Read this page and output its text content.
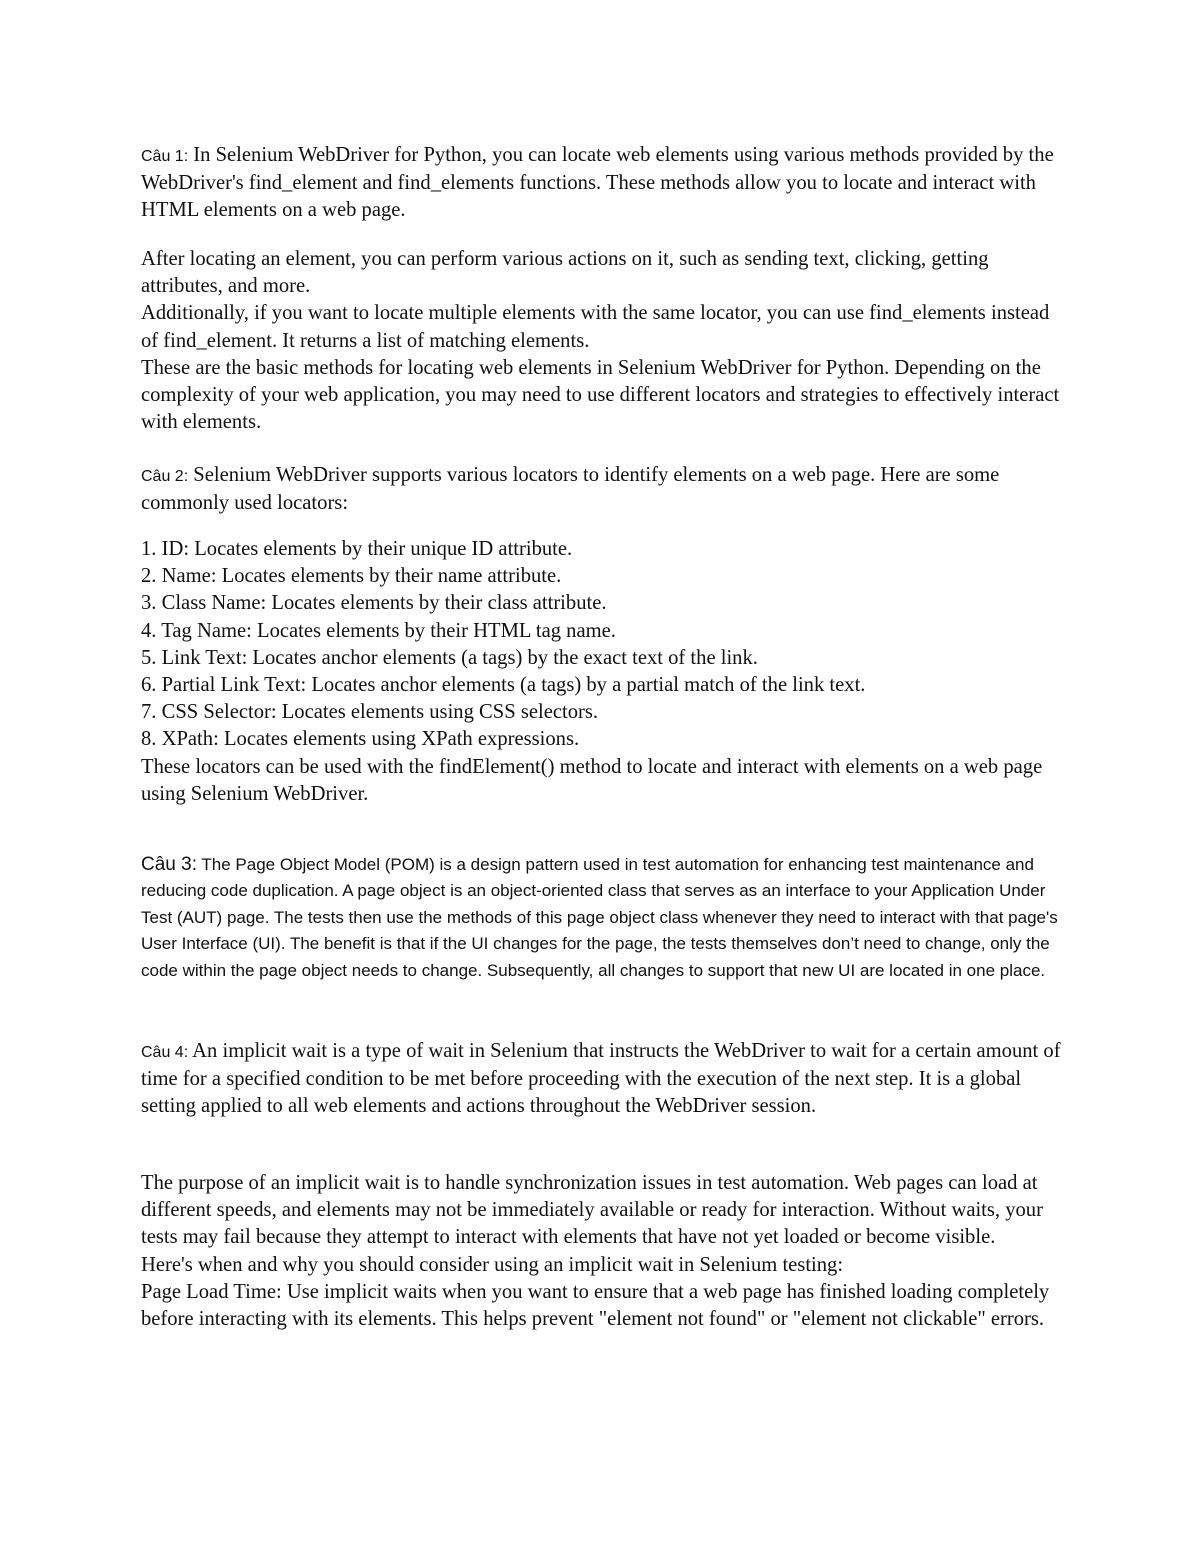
Câu 1: In Selenium WebDriver for Python, you can locate web elements using various methods provided by the WebDriver's find_element and find_elements functions. These methods allow you to locate and interact with HTML elements on a web page.

After locating an element, you can perform various actions on it, such as sending text, clicking, getting attributes, and more.

Additionally, if you want to locate multiple elements with the same locator, you can use find_elements instead of find_element. It returns a list of matching elements.

These are the basic methods for locating web elements in Selenium WebDriver for Python. Depending on the complexity of your web application, you may need to use different locators and strategies to effectively interact with elements.

Câu 2: Selenium WebDriver supports various locators to identify elements on a web page. Here are some commonly used locators:

1. ID: Locates elements by their unique ID attribute.
2. Name: Locates elements by their name attribute.
3. Class Name: Locates elements by their class attribute.
4. Tag Name: Locates elements by their HTML tag name.
5. Link Text: Locates anchor elements (a tags) by the exact text of the link.
6. Partial Link Text: Locates anchor elements (a tags) by a partial match of the link text.
7. CSS Selector: Locates elements using CSS selectors.
8. XPath: Locates elements using XPath expressions.

These locators can be used with the findElement() method to locate and interact with elements on a web page using Selenium WebDriver.

Câu 3: The Page Object Model (POM) is a design pattern used in test automation for enhancing test maintenance and reducing code duplication. A page object is an object-oriented class that serves as an interface to your Application Under Test (AUT) page. The tests then use the methods of this page object class whenever they need to interact with that page's User Interface (UI). The benefit is that if the UI changes for the page, the tests themselves don’t need to change, only the code within the page object needs to change. Subsequently, all changes to support that new UI are located in one place.

Câu 4: An implicit wait is a type of wait in Selenium that instructs the WebDriver to wait for a certain amount of time for a specified condition to be met before proceeding with the execution of the next step. It is a global setting applied to all web elements and actions throughout the WebDriver session.

The purpose of an implicit wait is to handle synchronization issues in test automation. Web pages can load at different speeds, and elements may not be immediately available or ready for interaction. Without waits, your tests may fail because they attempt to interact with elements that have not yet loaded or become visible.

Here's when and why you should consider using an implicit wait in Selenium testing:

Page Load Time: Use implicit waits when you want to ensure that a web page has finished loading completely before interacting with its elements. This helps prevent "element not found" or "element not clickable" errors.
